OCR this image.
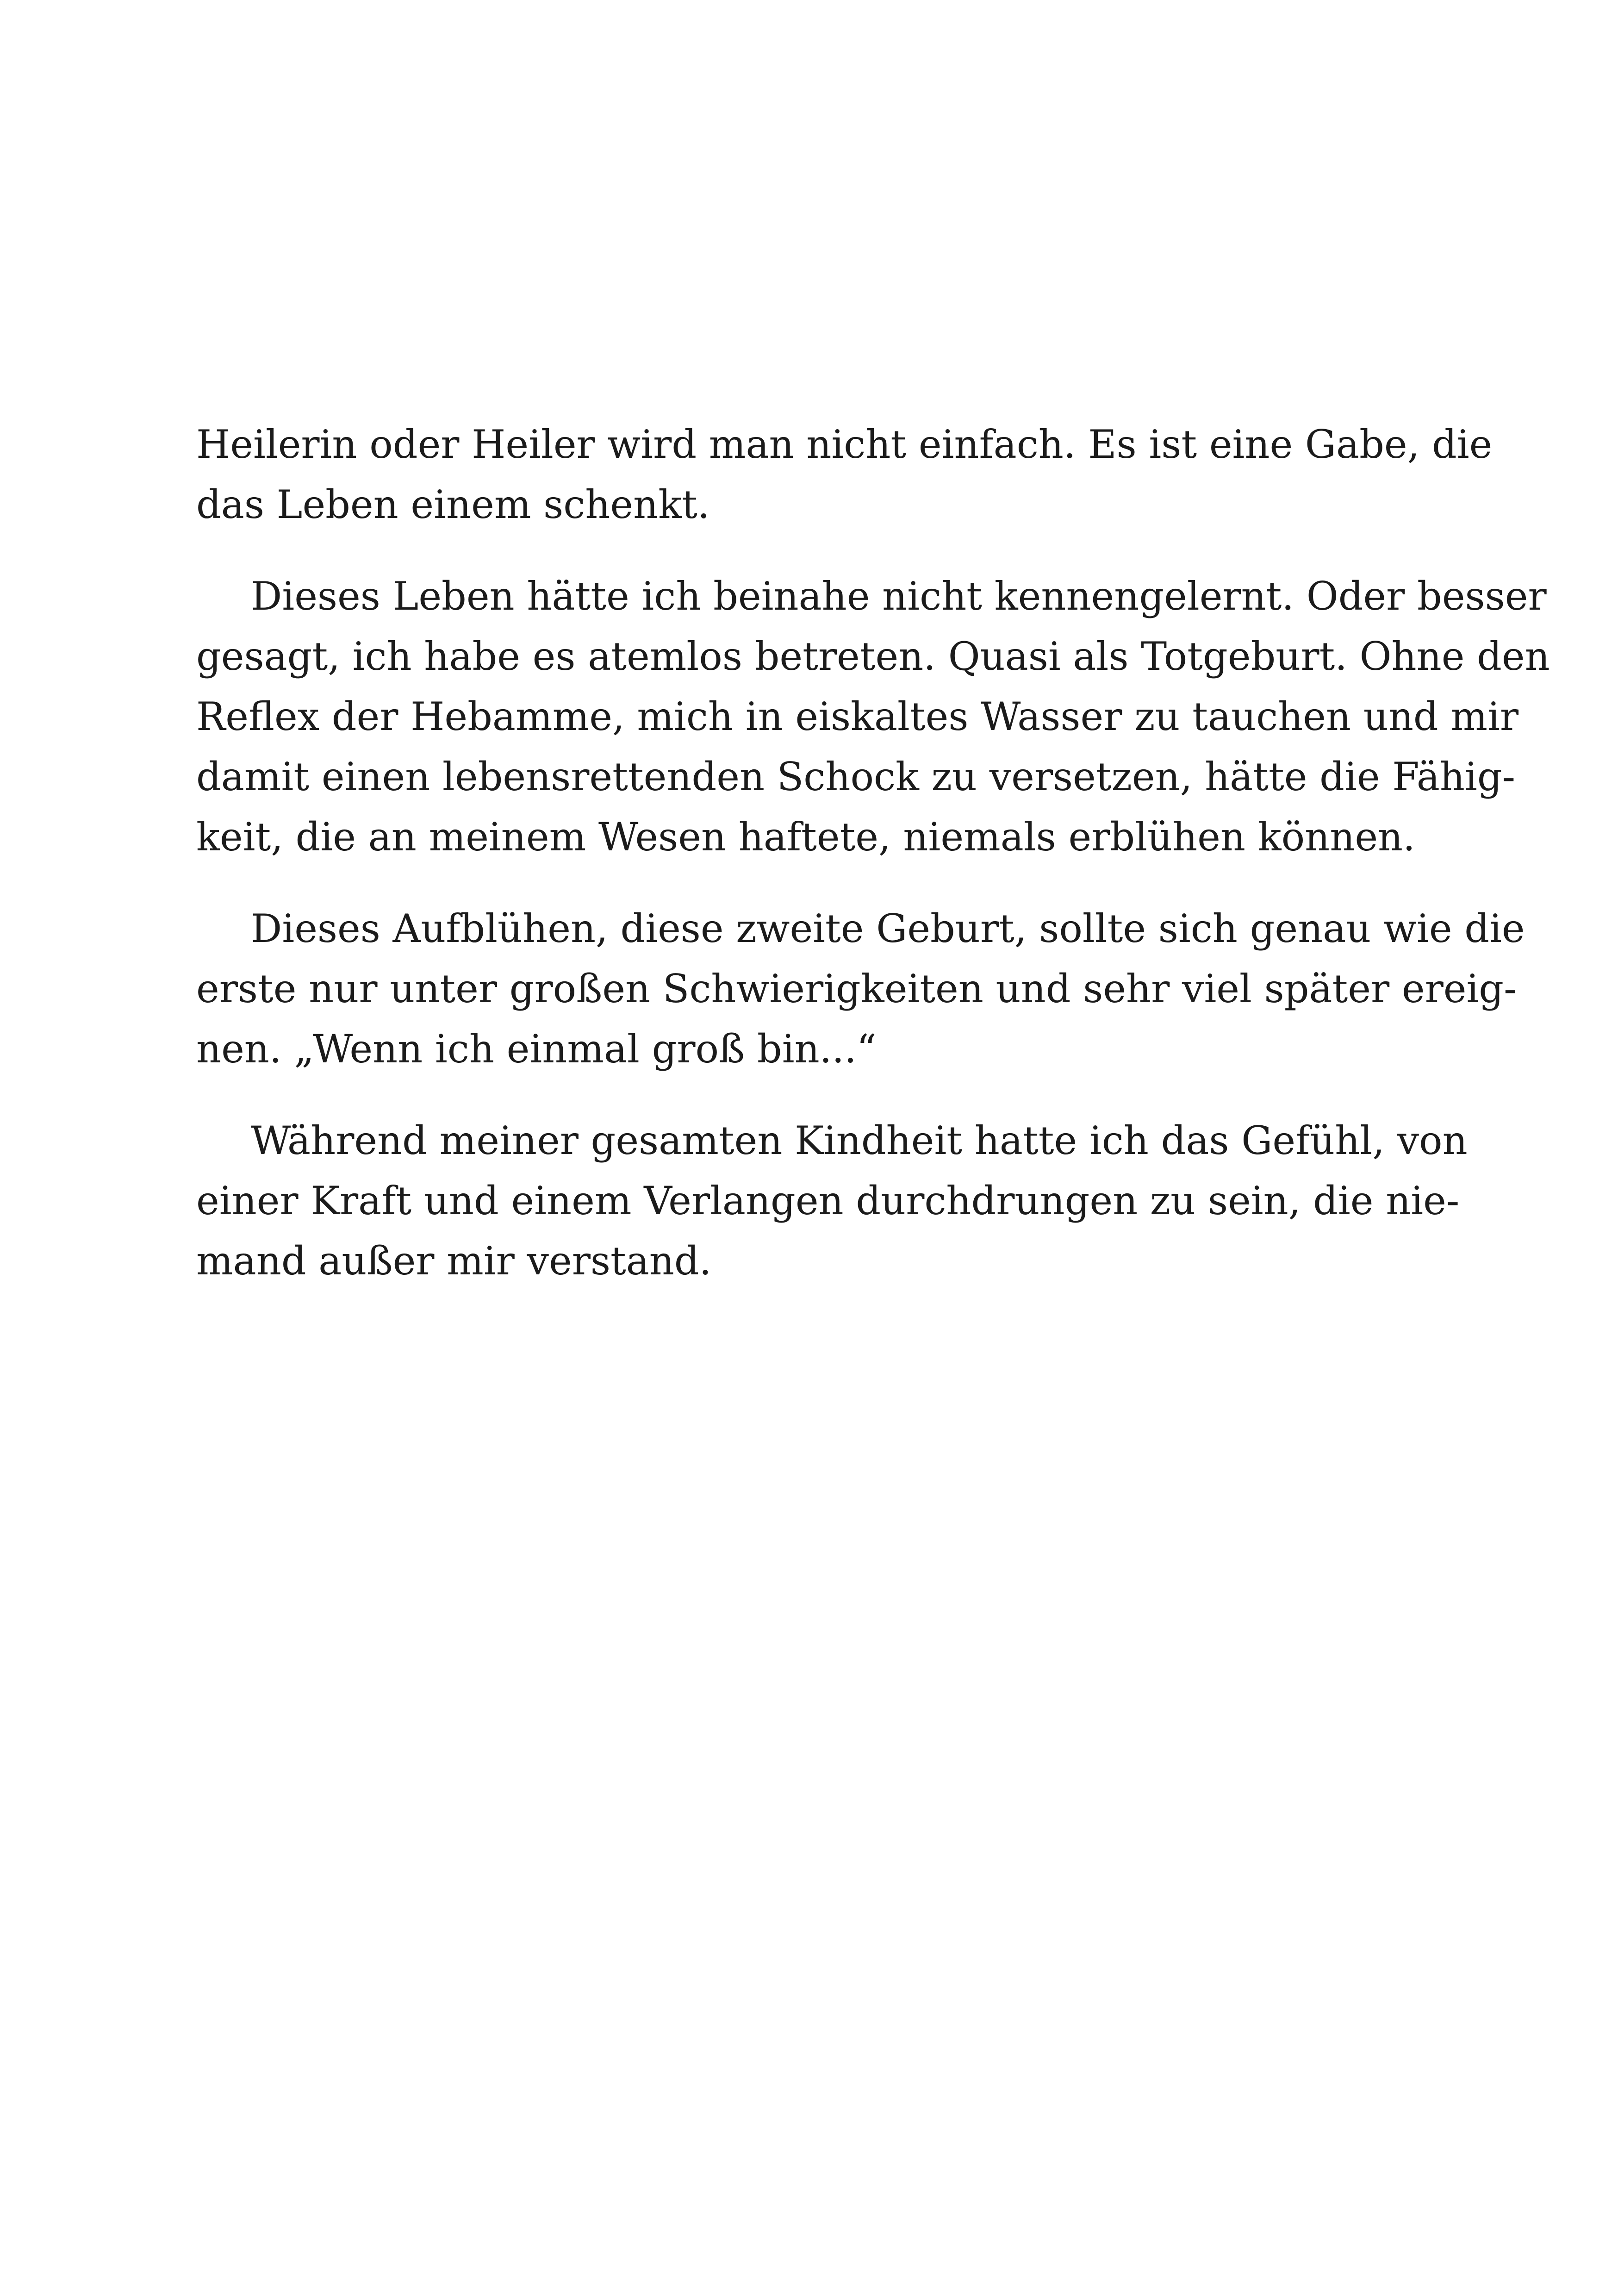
Heilerin oder Heiler wird man nicht einfach. Es ist eine Gabe, die
das Leben einem schenkt.

Dieses Leben hätte ich beinahe nicht kennengelernt. Oder besser
gesagt, ich habe es atemlos betreten. Quasi als Totgeburt. Ohne den
Reflex der Hebamme, mich in eiskaltes Wasser zu tauchen und mir
damit einen lebensrettenden Schock zu versetzen, hätte die Fähig-
keit, die an meinem Wesen haftete, niemals erblühen können.

Dieses Aufblühen, diese zweite Geburt, sollte sich genau wie die
erste nur unter großen Schwierigkeiten und sehr viel später ereig-
nen. „Wenn ich einmal groß bin...“

Während meiner gesamten Kindheit hatte ich das Gefühl, von
einer Kraft und einem Verlangen durchdrungen zu sein, die nie-
mand außer mir verstand.
